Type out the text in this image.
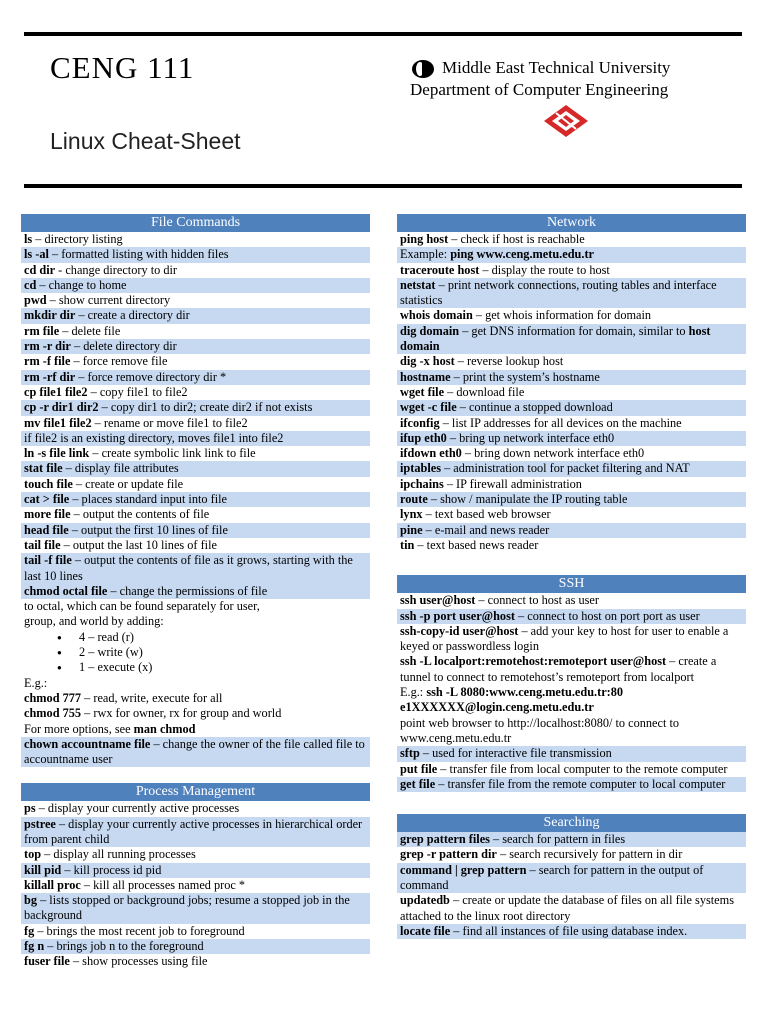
CENG 111
Linux Cheat-Sheet
Middle East Technical University
Department of Computer Engineering
File Commands
ls – directory listing
ls -al – formatted listing with hidden files
cd dir - change directory to dir
cd – change to home
pwd – show current directory
mkdir dir – create a directory dir
rm file – delete file
rm -r dir – delete directory dir
rm -f file – force remove file
rm -rf dir – force remove directory dir *
cp file1 file2 – copy file1 to file2
cp -r dir1 dir2 – copy dir1 to dir2; create dir2 if not exists
mv file1 file2 – rename or move file1 to file2
if file2 is an existing directory, moves file1 into file2
ln -s file link – create symbolic link link to file
stat file – display file attributes
touch file – create or update file
cat > file – places standard input into file
more file – output the contents of file
head file – output the first 10 lines of file
tail file – output the last 10 lines of file
tail -f file – output the contents of file as it grows, starting with the last 10 lines
chmod octal file – change the permissions of file
to octal, which can be found separately for user,
group, and world by adding:
● 4 – read (r)
● 2 – write (w)
● 1 – execute (x)
E.g.:
chmod 777 – read, write, execute for all
chmod 755 – rwx for owner, rx for group and world
For more options, see man chmod
chown accountname file – change the owner of the file called file to accountname user
Process Management
ps – display your currently active processes
pstree – display your currently active processes in hierarchical order from parent child
top – display all running processes
kill pid – kill process id pid
killall proc – kill all processes named proc *
bg – lists stopped or background jobs; resume a stopped job in the background
fg – brings the most recent job to foreground
fg n – brings job n to the foreground
fuser file – show processes using file
Network
ping host – check if host is reachable
Example: ping www.ceng.metu.edu.tr
traceroute host – display the route to host
netstat – print network connections, routing tables and interface statistics
whois domain – get whois information for domain
dig domain – get DNS information for domain, similar to host domain
dig -x host – reverse lookup host
hostname – print the system’s hostname
wget file – download file
wget -c file – continue a stopped download
ifconfig – list IP addresses for all devices on the machine
ifup eth0 – bring up network interface eth0
ifdown eth0 – bring down network interface eth0
iptables – administration tool for packet filtering and NAT
ipchains – IP firewall administration
route – show / manipulate the IP routing table
lynx – text based web browser
pine – e-mail and news reader
tin – text based news reader
SSH
ssh user@host – connect to host as user
ssh -p port user@host – connect to host on port port as user
ssh-copy-id user@host – add your key to host for user to enable a keyed or passwordless login
ssh -L localport:remotehost:remoteport user@host – create a tunnel to connect to remotehost’s remoteport from localport
E.g.: ssh -L 8080:www.ceng.metu.edu.tr:80 e1XXXXXX@login.ceng.metu.edu.tr
point web browser to http://localhost:8080/ to connect to www.ceng.metu.edu.tr
sftp – used for interactive file transmission
put file – transfer file from local computer to the remote computer
get file – transfer file from the remote computer to local computer
Searching
grep pattern files – search for pattern in files
grep -r pattern dir – search recursively for pattern in dir
command | grep pattern – search for pattern in the output of command
updatedb – create or update the database of files on all file systems attached to the linux root directory
locate file – find all instances of file using database index.
